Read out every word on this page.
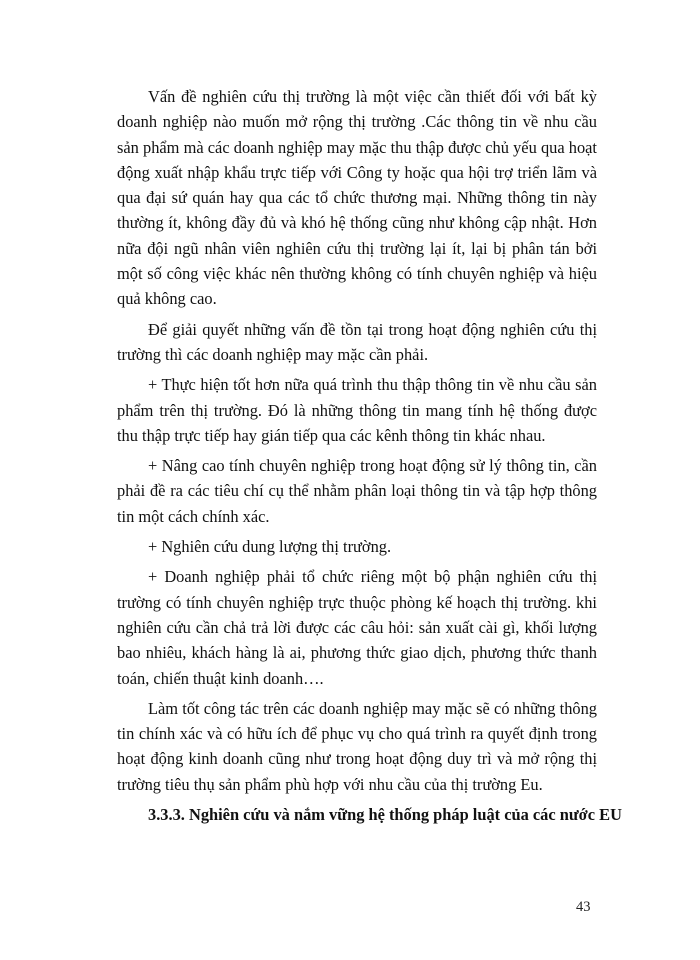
Vấn đề nghiên cứu thị trường là một việc cần thiết đối với bất kỳ doanh nghiệp nào muốn mở rộng thị trường .Các thông tin về nhu cầu sản phẩm mà các doanh nghiệp may mặc thu thập được chủ yếu qua hoạt động xuất nhập khẩu trực tiếp với Công ty hoặc qua hội trợ triển lãm và qua đại sứ quán hay qua các tổ chức thương mại. Những thông tin này thường ít, không đầy đủ và khó hệ thống cũng như không cập nhật. Hơn nữa đội ngũ nhân viên nghiên cứu thị trường lại ít, lại bị phân tán bởi một số công việc khác nên thường không có tính chuyên nghiệp và hiệu quả không cao.

Để giải quyết những vấn đề tồn tại trong hoạt động nghiên cứu thị trường thì các doanh nghiệp may mặc cần phải.

+ Thực hiện tốt hơn nữa quá trình thu thập thông tin về nhu cầu sản phẩm trên thị trường. Đó là những thông tin mang tính hệ thống được thu thập trực tiếp hay gián tiếp qua các kênh thông tin khác nhau.

+ Nâng cao tính chuyên nghiệp trong hoạt động sử lý thông tin, cần phải đề ra các tiêu chí cụ thể nhằm phân loại thông tin và tập hợp thông tin một cách chính xác.

+ Nghiên cứu dung lượng thị trường.

+ Doanh nghiệp phải tổ chức riêng một bộ phận nghiên cứu thị trường có tính chuyên nghiệp trực thuộc phòng kế hoạch thị trường. khi nghiên cứu cần chả trả lời được các câu hỏi: sản xuất cài gì, khối lượng bao nhiêu, khách hàng là ai, phương thức giao dịch, phương thức thanh toán, chiến thuật kinh doanh….

Làm tốt công tác trên các doanh nghiệp may mặc sẽ có những thông tin chính xác và có hữu ích để phục vụ cho quá trình ra quyết định trong hoạt động kinh doanh cũng như trong hoạt động duy trì và mở rộng thị trường tiêu thụ sản phẩm phù hợp với nhu cầu của thị trường Eu.

3.3.3. Nghiên cứu và nắm vững hệ thống pháp luật của các nước EU

43
